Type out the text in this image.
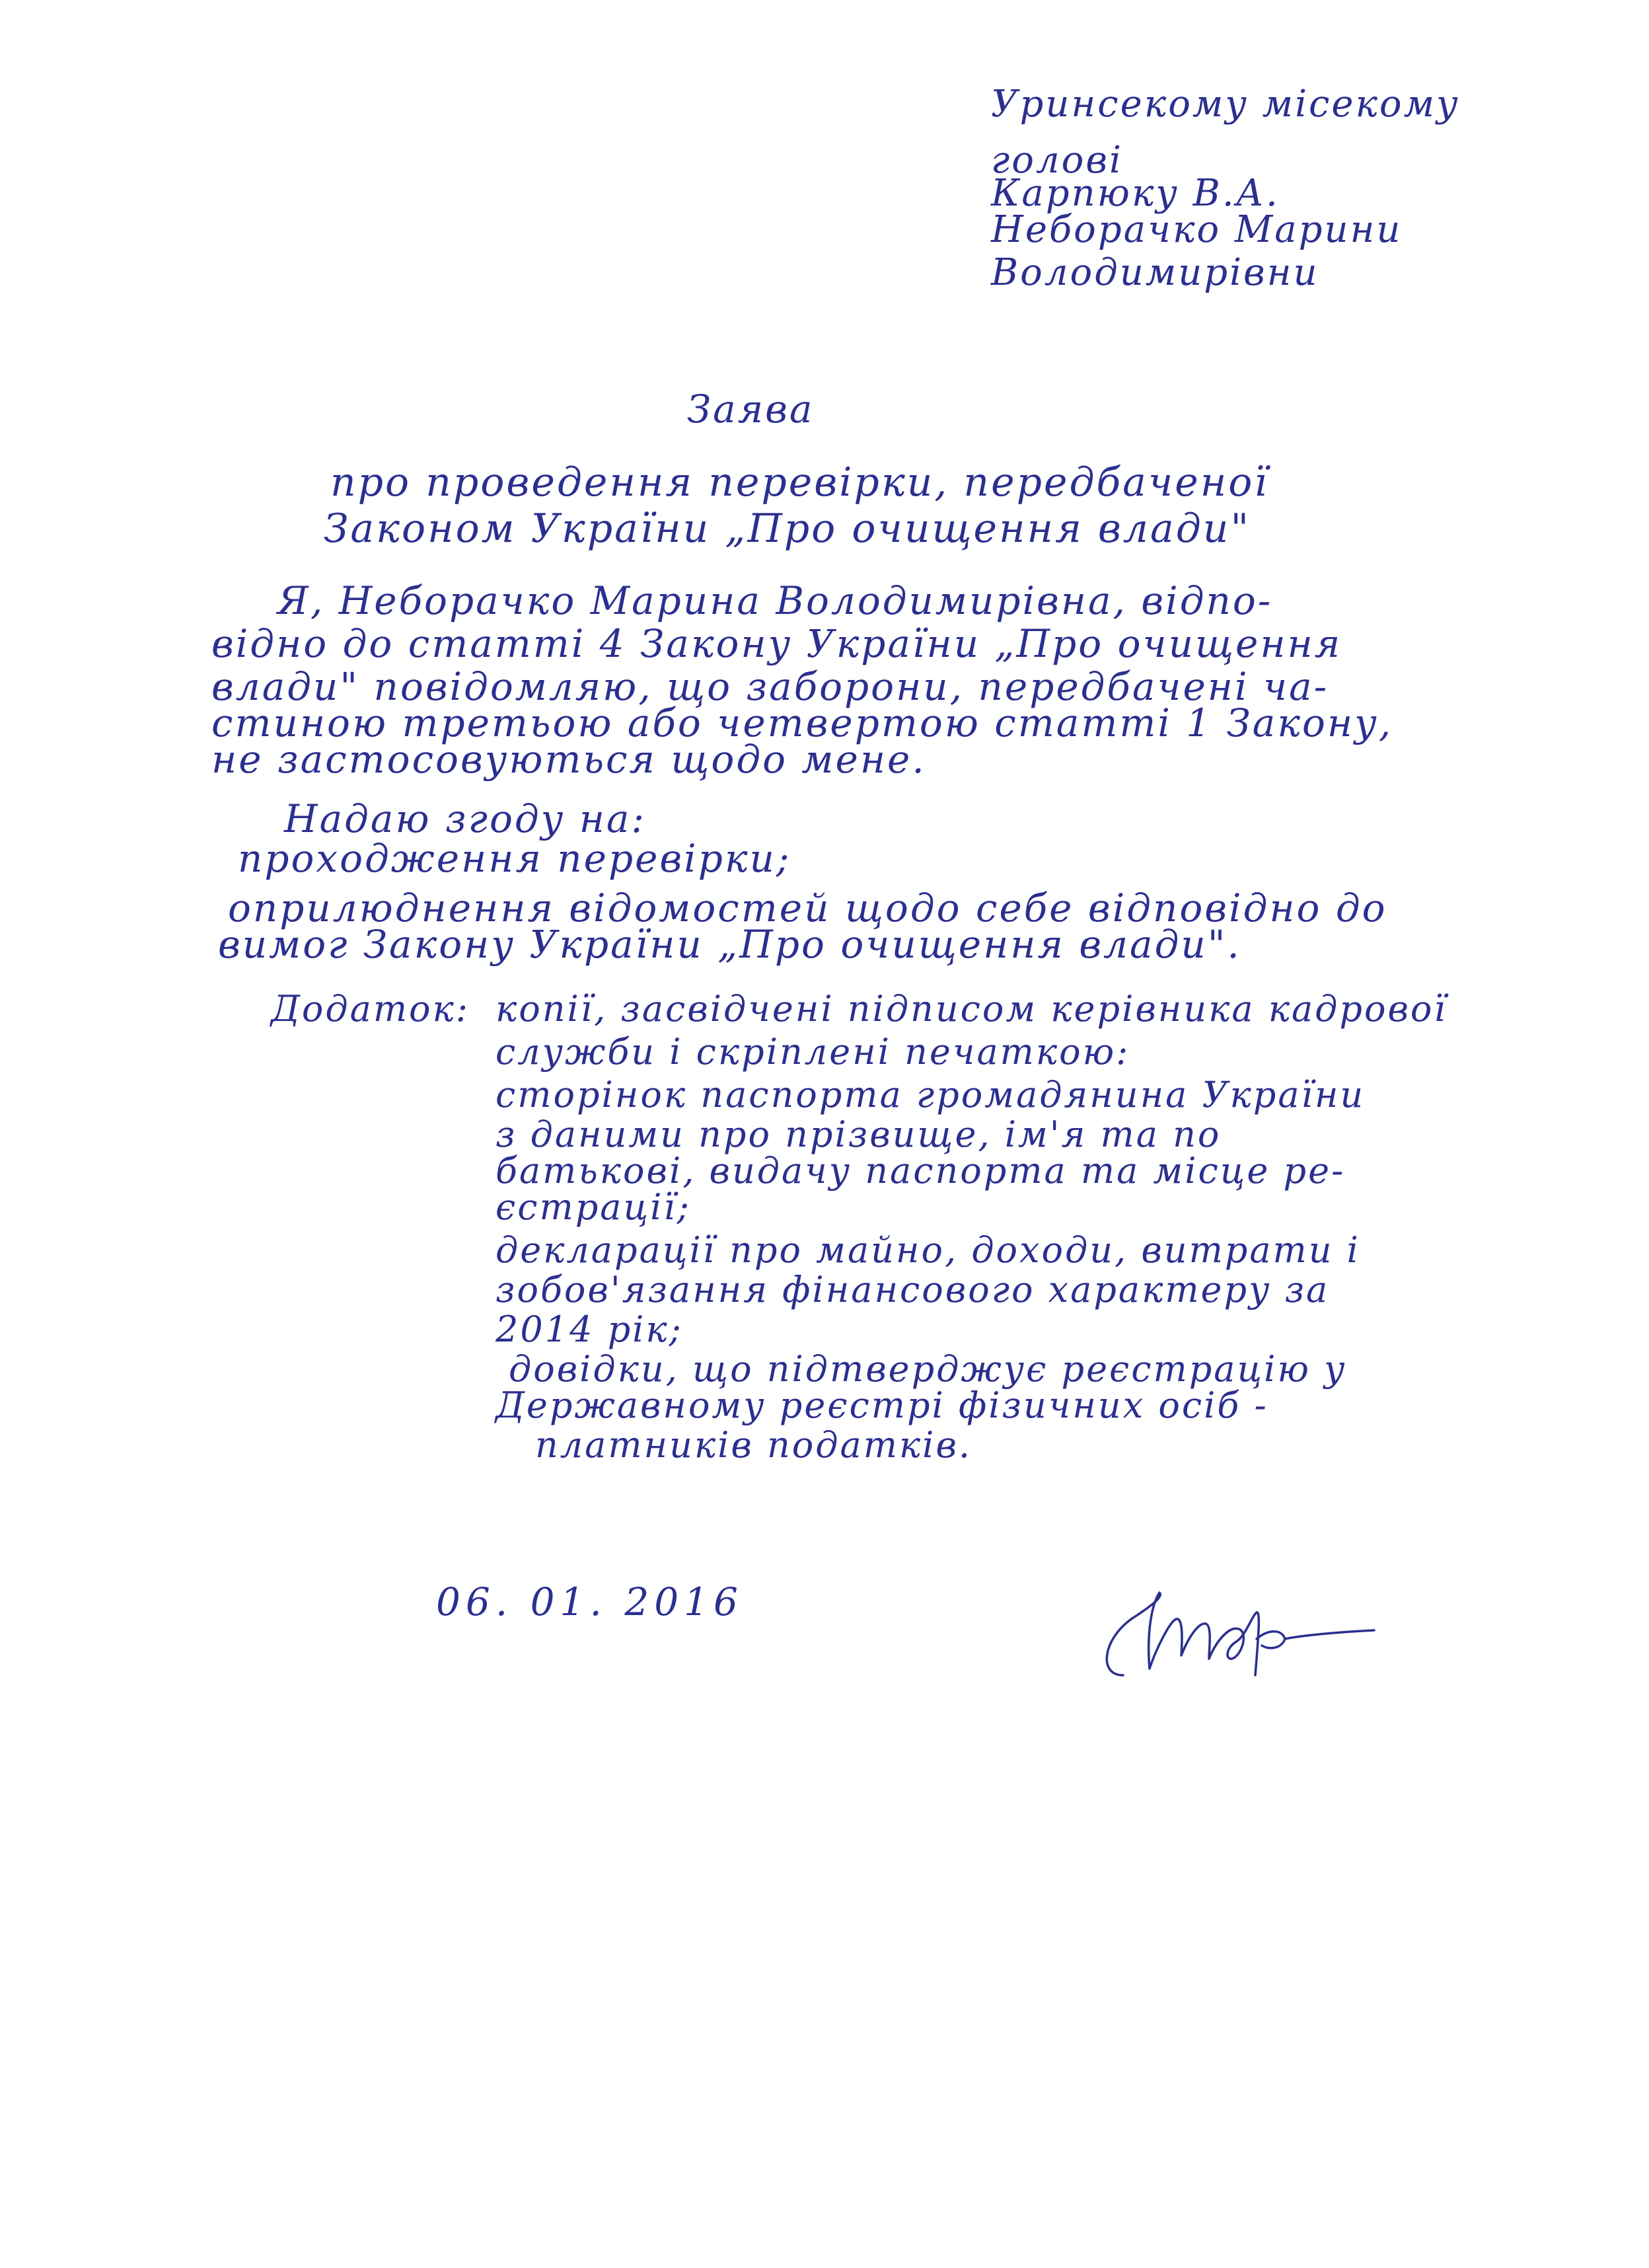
Уринсекому місекому
голові
Карпюку В.А.
Неборачко Марини
Володимирівни
Заява
про проведення перевірки, передбаченої
Законом України „Про очищення влади"
Я, Неборачко Марина Володимирівна, відпо-
відно до статті 4 Закону України „Про очищення
влади" повідомляю, що заборони, передбачені ча-
стиною третьою або четвертою статті 1 Закону,
не застосовуються щодо мене.
Надаю згоду на:
проходження перевірки;
оприлюднення відомостей щодо себе відповідно до
вимог Закону України „Про очищення влади".
Додаток: копії, засвідчені підписом керівника кадрової
служби і скріплені печаткою:
сторінок паспорта громадянина України
з даними про прізвище, ім'я та по
батькові, видачу паспорта та місце ре-
єстрації;
декларації про майно, доходи, витрати і
зобов'язання фінансового характеру за
2014 рік;
довідки, що підтверджує реєстрацію у
Державному реєстрі фізичних осіб -
платників податків.
06. 01. 2016
